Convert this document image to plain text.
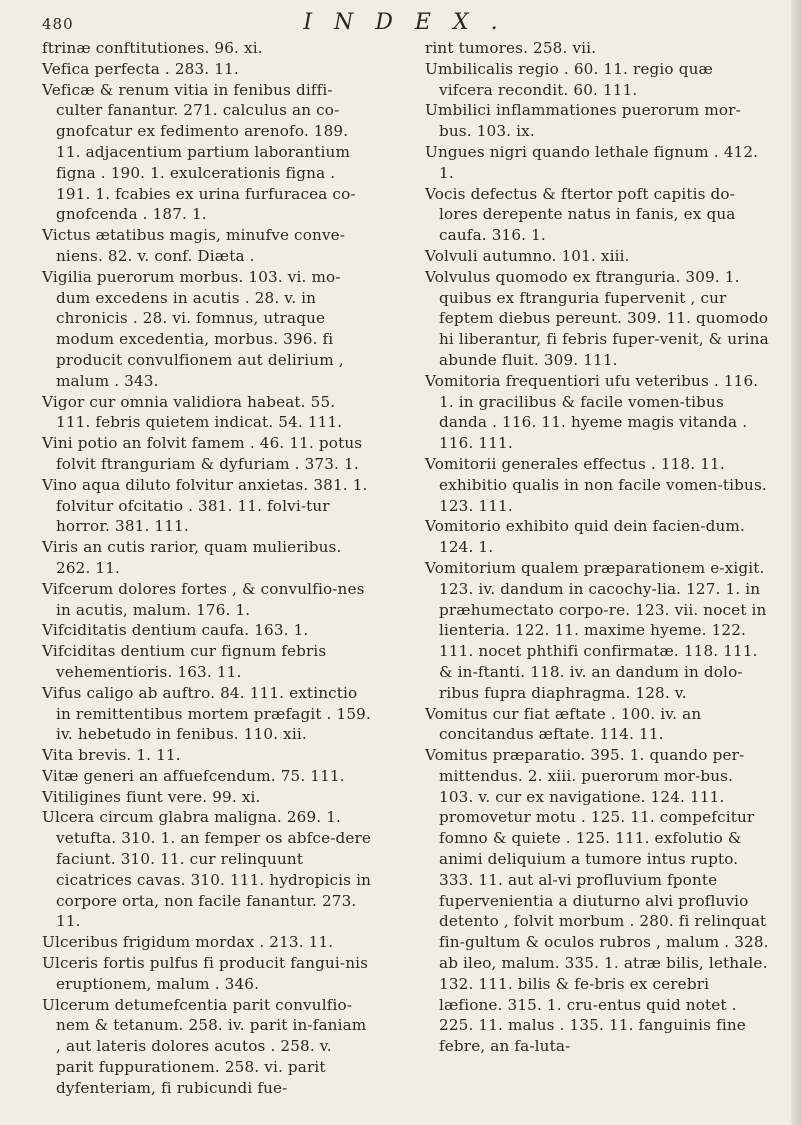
480	INDEX.

ftrinæ conftitutiones. 96. xi.

Vefica perfecta . 283. 11.

Veficæ & renum vitia in fenibus diffi-culter fanantur. 271. calculus an co-gnofcatur ex fedimento arenofo. 189. 11. adjacentium partium laborantium figna . 190. 1. exulcerationis figna . 191. 1. fcabies ex urina furfuracea co-gnofcenda . 187. 1.

Victus ætatibus magis, minufve conve-niens. 82. v. conf. Diæta .

Vigilia puerorum morbus. 103. vi. mo-dum excedens in acutis . 28. v. in chronicis . 28. vi. fomnus, utraque modum excedentia, morbus. 396. fi producit convulfionem aut delirium , malum . 343.

Vigor cur omnia validiora habeat. 55. 111. febris quietem indicat. 54. 111.

Vini potio an folvit famem . 46. 11. potus folvit ftranguriam & dyfuriam . 373. 1.

Vino aqua diluto folvitur anxietas. 381. 1. folvitur ofcitatio . 381. 11. folvi-tur horror. 381. 111.

Viris an cutis rarior, quam mulieribus. 262. 11.

Vifcerum dolores fortes , & convulfio-nes in acutis, malum. 176. 1.

Vifciditatis dentium caufa. 163. 1.

Vifciditas dentium cur fignum febris vehementioris. 163. 11.

Vifus caligo ab auftro. 84. 111. extinctio in remittentibus mortem præfagit . 159. iv. hebetudo in fenibus. 110. xii.

Vita brevis. 1. 11.

Vitæ generi an affuefcendum. 75. 111.

Vitiligines fiunt vere. 99. xi.

Ulcera circum glabra maligna. 269. 1. vetufta. 310. 1. an femper os abfce-dere faciunt. 310. 11. cur relinquunt cicatrices cavas. 310. 111. hydropicis in corpore orta, non facile fanantur. 273. 11.

Ulceribus frigidum mordax . 213. 11.

Ulceris fortis pulfus fi producit fangui-nis eruptionem, malum . 346.

Ulcerum detumefcentia parit convulfio-nem & tetanum. 258. iv. parit in-faniam , aut lateris dolores acutos . 258. v. parit fuppurationem. 258. vi. parit dyfenteriam, fi rubicundi fue-

rint tumores. 258. vii.

Umbilicalis regio . 60. 11. regio quæ vifcera recondit. 60. 111.

Umbilici inflammationes puerorum mor-bus. 103. ix.

Ungues nigri quando lethale fignum . 412. 1.

Vocis defectus & ftertor poft capitis do-lores derepente natus in fanis, ex qua caufa. 316. 1.

Volvuli autumno. 101. xiii.

Volvulus quomodo ex ftranguria. 309. 1. quibus ex ftranguria fupervenit , cur feptem diebus pereunt. 309. 11. quomodo hi liberantur, fi febris fuper-venit, & urina abunde fluit. 309. 111.

Vomitoria frequentiori ufu veteribus . 116. 1. in gracilibus & facile vomen-tibus danda . 116. 11. hyeme magis vitanda . 116. 111.

Vomitorii generales effectus . 118. 11. exhibitio qualis in non facile vomen-tibus. 123. 111.

Vomitorio exhibito quid dein facien-dum. 124. 1.

Vomitorium qualem præparationem e-xigit. 123. iv. dandum in cacochy-lia. 127. 1. in præhumectato corpo-re. 123. vii. nocet in lienteria. 122. 11. maxime hyeme. 122. 111. nocet phthifi confirmatæ. 118. 111. & in-ftanti. 118. iv. an dandum in dolo-ribus fupra diaphragma. 128. v.

Vomitus cur fiat æftate . 100. iv. an concitandus æftate. 114. 11.

Vomitus præparatio. 395. 1. quando per-mittendus. 2. xiii. puerorum mor-bus. 103. v. cur ex navigatione. 124. 111. promovetur motu . 125. 11. compefcitur fomno & quiete . 125. 111. exfolutio & animi deliquium a tumore intus rupto. 333. 11. aut al-vi profluvium fponte fupervenientia a diuturno alvi profluvio detento , folvit morbum . 280. fi relinquat fin-gultum & oculos rubros , malum . 328. ab ileo, malum. 335. 1. atræ bilis, lethale. 132. 111. bilis & fe-bris ex cerebri læfione. 315. 1. cru-entus quid notet . 225. 11. malus . 135. 11. fanguinis fine febre, an fa-luta-
